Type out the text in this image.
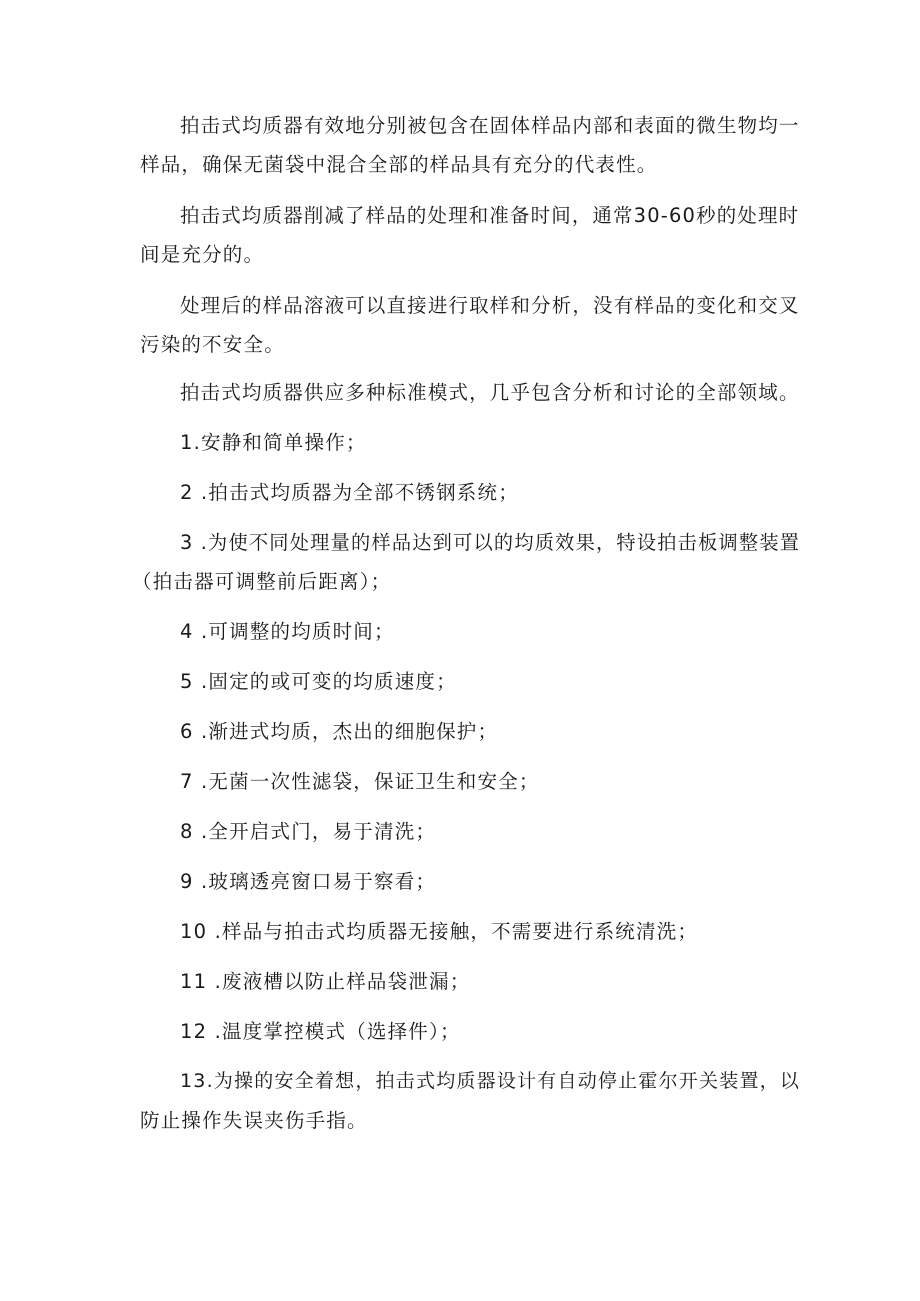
拍击式均质器有效地分别被包含在固体样品内部和表面的微生物均一
样品，确保无菌袋中混合全部的样品具有充分的代表性。
拍击式均质器削减了样品的处理和准备时间，通常30-60秒的处理时
间是充分的。
处理后的样品溶液可以直接进行取样和分析，没有样品的变化和交叉
污染的不安全。
拍击式均质器供应多种标准模式，几乎包含分析和讨论的全部领域。
1.安静和简单操作；
2 .拍击式均质器为全部不锈钢系统；
3 .为使不同处理量的样品达到可以的均质效果，特设拍击板调整装置
（拍击器可调整前后距离）；
4 .可调整的均质时间；
5 .固定的或可变的均质速度；
6 .渐进式均质，杰出的细胞保护；
7 .无菌一次性滤袋，保证卫生和安全；
8 .全开启式门，易于清洗；
9 .玻璃透亮窗口易于察看；
10 .样品与拍击式均质器无接触，不需要进行系统清洗；
11 .废液槽以防止样品袋泄漏；
12 .温度掌控模式（选择件）；
13.为操的安全着想，拍击式均质器设计有自动停止霍尔开关装置，以
防止操作失误夹伤手指。
